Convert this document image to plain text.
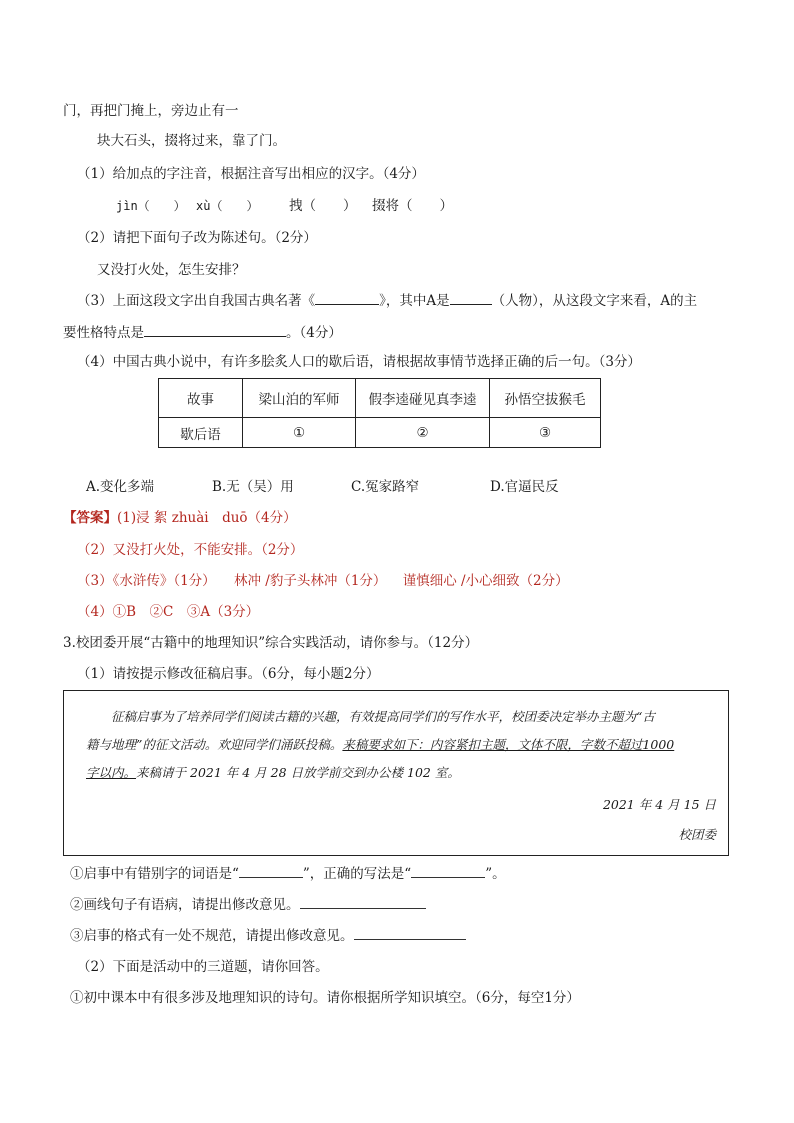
门，再把门掩上，旁边止有一
块大石头，掇将过来，靠了门。
（1）给加点的字注音，根据注音写出相应的汉字。（4分）
jìn（　　） xù（　　） 拽（　　） 掇将（　　）
（2）请把下面句子改为陈述句。（2分）
又没打火处，怎生安排？
（3）上面这段文字出自我国古典名著《	》，其中A是	（人物），从这段文字来看，A的主
要性格特点是	。（4分）
（4）中国古典小说中，有许多脍炙人口的歇后语，请根据故事情节选择正确的后一句。（3分）
故事	梁山泊的军师	假李逵碰见真李逵	孙悟空拔猴毛
歇后语	①	②	③
A.变化多端	B.无（吴）用	C.冤家路窄	D.官逼民反
【答案】(1)浸 絮 zhuài　duō（4分）
（2）又没打火处，不能安排。（2分）
（3）《水浒传》（1分） 林冲 /豹子头林冲（1分） 谨慎细心 /小心细致（2分）
（4）①B　②C　③A（3分）
3.校团委开展“古籍中的地理知识”综合实践活动，请你参与。（12分）
（1）请按提示修改征稿启事。（6分，每小题2分）
征稿启事为了培养同学们阅读古籍的兴趣，有效提高同学们的写作水平，校团委决定举办主题为“古
籍与地理”的征文活动。欢迎同学们涌跃投稿。来稿要求如下：内容紧扣主题，文体不限，字数不超过1000
字以内。来稿请于 2021 年 4 月 28 日放学前交到办公楼 102 室。
2021 年 4 月 15 日
校团委
①启事中有错别字的词语是“	”，正确的写法是“	”。
②画线句子有语病，请提出修改意见。
③启事的格式有一处不规范，请提出修改意见。
（2）下面是活动中的三道题，请你回答。
①初中课本中有很多涉及地理知识的诗句。请你根据所学知识填空。（6分，每空1分）
